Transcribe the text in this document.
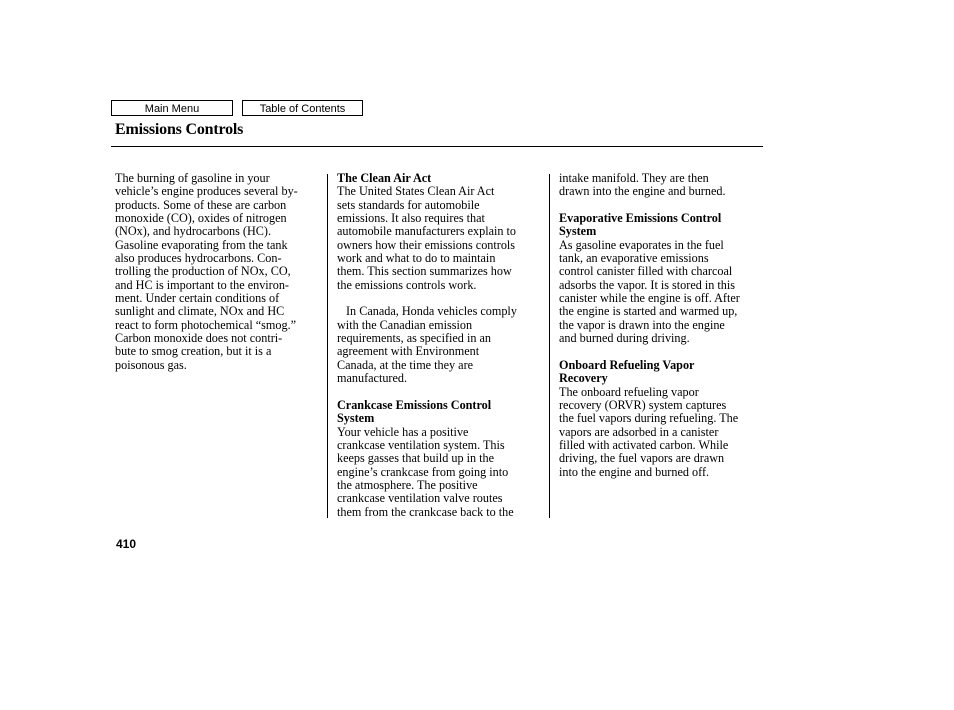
Main Menu	Table of Contents
Emissions Controls
The burning of gasoline in your
vehicle’s engine produces several by-
products. Some of these are carbon
monoxide (CO), oxides of nitrogen
(NOx), and hydrocarbons (HC).
Gasoline evaporating from the tank
also produces hydrocarbons. Con-
trolling the production of NOx, CO,
and HC is important to the environ-
ment. Under certain conditions of
sunlight and climate, NOx and HC
react to form photochemical “smog.”
Carbon monoxide does not contri-
bute to smog creation, but it is a
poisonous gas.
The Clean Air Act
The United States Clean Air Act
sets standards for automobile
emissions. It also requires that
automobile manufacturers explain to
owners how their emissions controls
work and what to do to maintain
them. This section summarizes how
the emissions controls work.
In Canada, Honda vehicles comply
with the Canadian emission
requirements, as specified in an
agreement with Environment
Canada, at the time they are
manufactured.
Crankcase Emissions Control
System
Your vehicle has a positive
crankcase ventilation system. This
keeps gasses that build up in the
engine’s crankcase from going into
the atmosphere. The positive
crankcase ventilation valve routes
them from the crankcase back to the
intake manifold. They are then
drawn into the engine and burned.
Evaporative Emissions Control
System
As gasoline evaporates in the fuel
tank, an evaporative emissions
control canister filled with charcoal
adsorbs the vapor. It is stored in this
canister while the engine is off. After
the engine is started and warmed up,
the vapor is drawn into the engine
and burned during driving.
Onboard Refueling Vapor
Recovery
The onboard refueling vapor
recovery (ORVR) system captures
the fuel vapors during refueling. The
vapors are adsorbed in a canister
filled with activated carbon. While
driving, the fuel vapors are drawn
into the engine and burned off.
410
